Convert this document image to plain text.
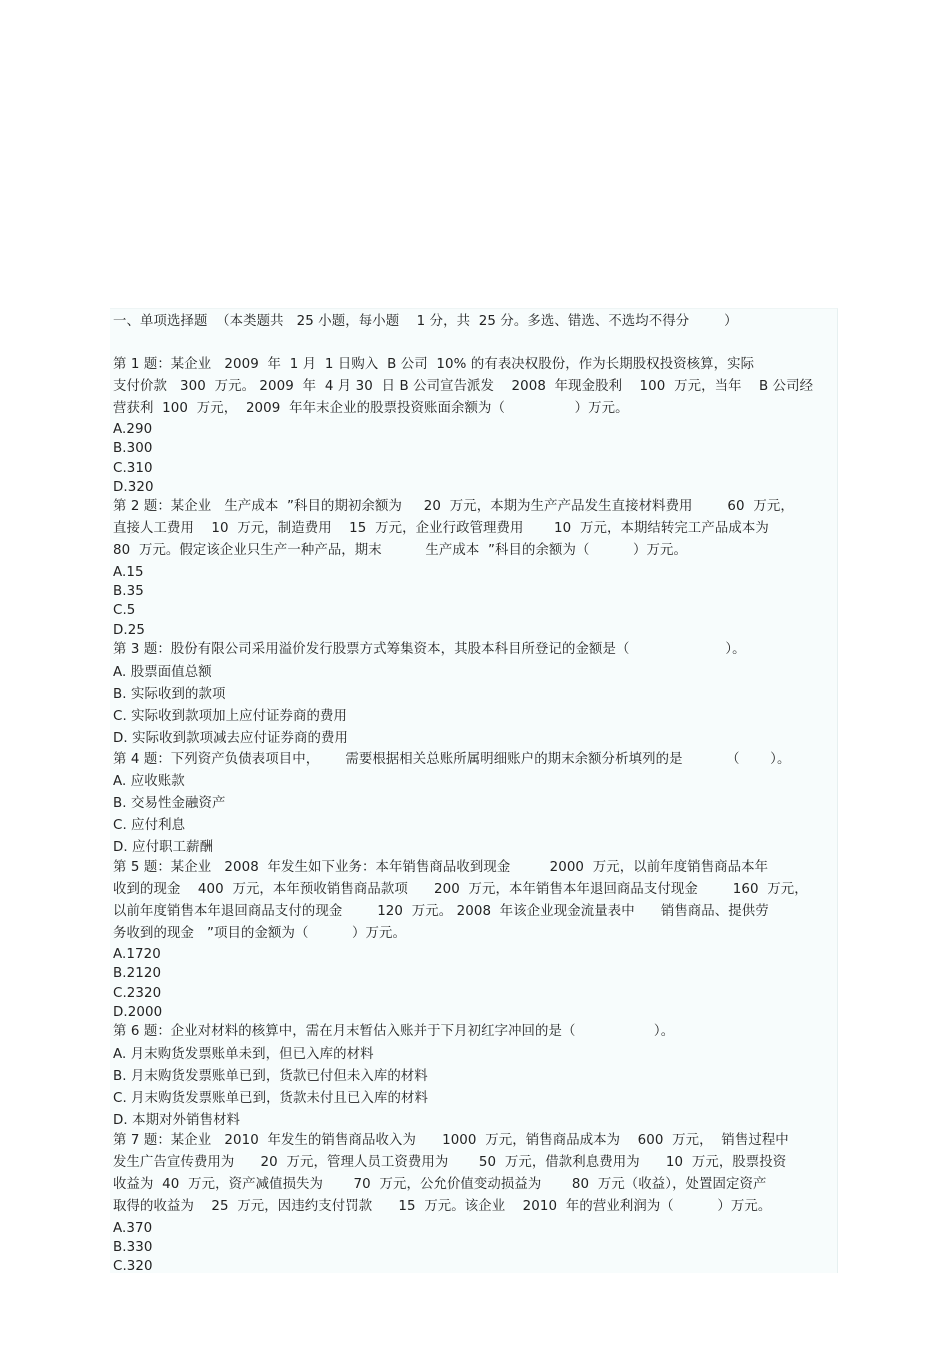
一、单项选择题  （本类题共   25 小题，每小题    1 分，共  25 分。多选、错选、不选均不得分        ）
第 1 题：某企业   2009  年  1 月  1 日购入  B 公司  10% 的有表决权股份，作为长期股权投资核算，实际
支付价款   300  万元。 2009  年  4 月 30  日 B 公司宣告派发    2008  年现金股利    100  万元，当年    B 公司经
营获利  100  万元，  2009  年年末企业的股票投资账面余额为（                ）万元。
A.290
B.300
C.310
D.320
第 2 题：某企业   生产成本  ”科目的期初余额为     20  万元，本期为生产产品发生直接材料费用        60  万元，
直接人工费用    10  万元，制造费用    15  万元，企业行政管理费用       10  万元，本期结转完工产品成本为
80  万元。假定该企业只生产一种产品，期末          生产成本  ”科目的余额为（          ）万元。
A.15
B.35
C.5
D.25
第 3 题：股份有限公司采用溢价发行股票方式筹集资本，其股本科目所登记的金额是（                      ）。
A. 股票面值总额
B. 实际收到的款项
C. 实际收到款项加上应付证券商的费用
D. 实际收到款项减去应付证券商的费用
第 4 题：下列资产负债表项目中，      需要根据相关总账所属明细账户的期末余额分析填列的是          （       ）。
A. 应收账款
B. 交易性金融资产
C. 应付利息
D. 应付职工薪酬
第 5 题：某企业   2008  年发生如下业务：本年销售商品收到现金         2000  万元，以前年度销售商品本年
收到的现金    400  万元，本年预收销售商品款项      200  万元，本年销售本年退回商品支付现金        160  万元，
以前年度销售本年退回商品支付的现金        120  万元。 2008  年该企业现金流量表中      销售商品、提供劳
务收到的现金   ”项目的金额为（          ）万元。
A.1720
B.2120
C.2320
D.2000
第 6 题：企业对材料的核算中，需在月末暂估入账并于下月初红字冲回的是（                  ）。
A. 月末购货发票账单未到，但已入库的材料
B. 月末购货发票账单已到，货款已付但未入库的材料
C. 月末购货发票账单已到，货款未付且已入库的材料
D. 本期对外销售材料
第 7 题：某企业   2010  年发生的销售商品收入为      1000  万元，销售商品成本为    600  万元，  销售过程中
发生广告宣传费用为      20  万元，管理人员工资费用为       50  万元，借款利息费用为      10  万元，股票投资
收益为  40  万元，资产减值损失为       70  万元，公允价值变动损益为       80  万元（收益），处置固定资产
取得的收益为    25  万元，因违约支付罚款      15  万元。该企业    2010  年的营业利润为（          ）万元。
A.370
B.330
C.320
